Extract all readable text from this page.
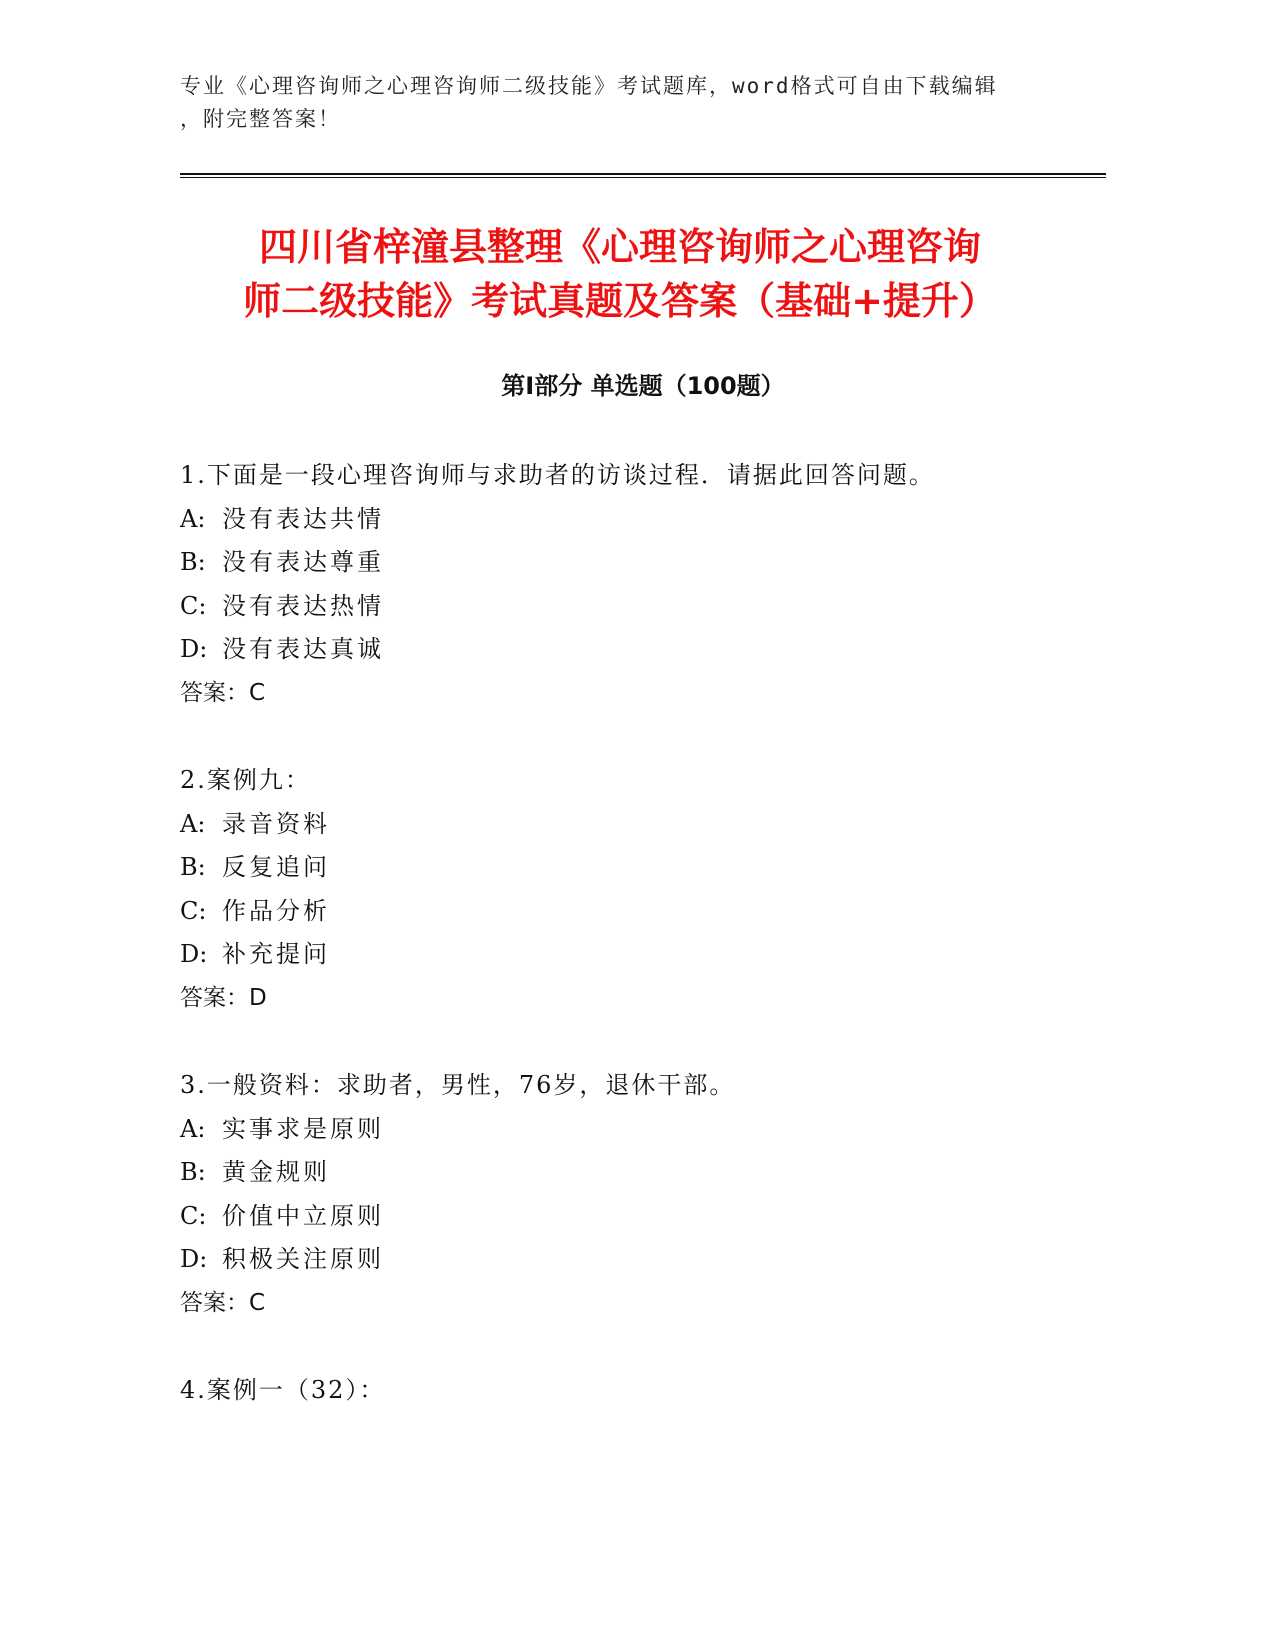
专业《心理咨询师之心理咨询师二级技能》考试题库，word格式可自由下载编辑
，附完整答案！
四川省梓潼县整理《心理咨询师之心理咨询
师二级技能》考试真题及答案（基础+提升）
第Ⅰ部分 单选题（100题）
1.下面是一段心理咨询师与求助者的访谈过程．请据此回答问题。
A: 没有表达共情
B: 没有表达尊重
C: 没有表达热情
D: 没有表达真诚
答案：C
2.案例九：
A: 录音资料
B: 反复追问
C: 作品分析
D: 补充提问
答案：D
3.一般资料：求助者，男性，76岁，退休干部。
A: 实事求是原则
B: 黄金规则
C: 价值中立原则
D: 积极关注原则
答案：C
4.案例一（32）：
